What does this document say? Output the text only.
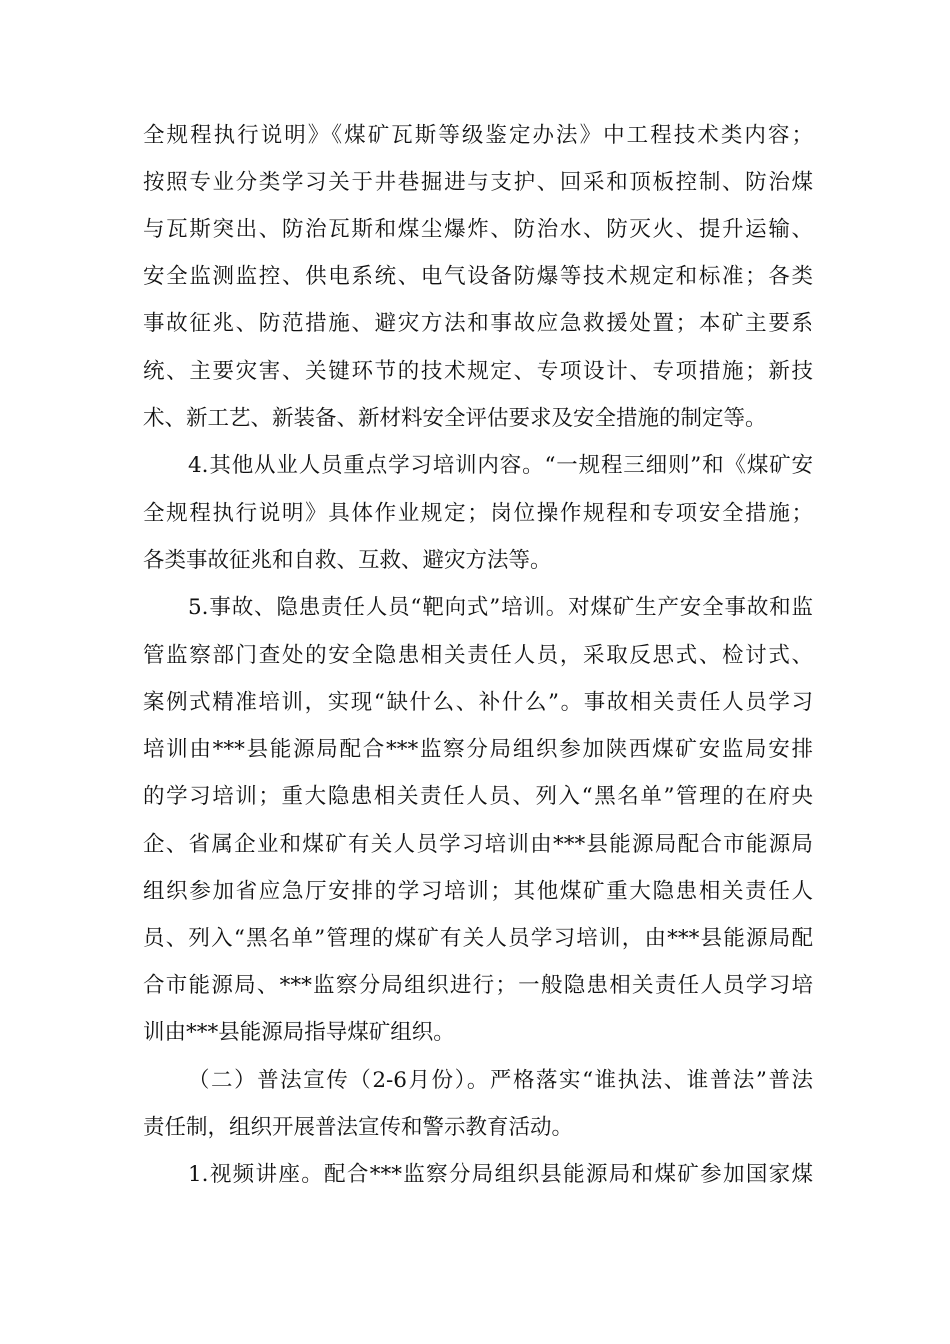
全规程执行说明》《煤矿瓦斯等级鉴定办法》中工程技术类内容；
按照专业分类学习关于井巷掘进与支护、回采和顶板控制、防治煤
与瓦斯突出、防治瓦斯和煤尘爆炸、防治水、防灭火、提升运输、
安全监测监控、供电系统、电气设备防爆等技术规定和标准；各类
事故征兆、防范措施、避灾方法和事故应急救援处置；本矿主要系
统、主要灾害、关键环节的技术规定、专项设计、专项措施；新技
术、新工艺、新装备、新材料安全评估要求及安全措施的制定等。
4.其他从业人员重点学习培训内容。“一规程三细则”和《煤矿安
全规程执行说明》具体作业规定；岗位操作规程和专项安全措施；
各类事故征兆和自救、互救、避灾方法等。
5.事故、隐患责任人员“靶向式”培训。对煤矿生产安全事故和监
管监察部门查处的安全隐患相关责任人员，采取反思式、检讨式、
案例式精准培训，实现“缺什么、补什么”。事故相关责任人员学习
培训由***县能源局配合***监察分局组织参加陕西煤矿安监局安排
的学习培训；重大隐患相关责任人员、列入“黑名单”管理的在府央
企、省属企业和煤矿有关人员学习培训由***县能源局配合市能源局
组织参加省应急厅安排的学习培训；其他煤矿重大隐患相关责任人
员、列入“黑名单”管理的煤矿有关人员学习培训，由***县能源局配
合市能源局、***监察分局组织进行；一般隐患相关责任人员学习培
训由***县能源局指导煤矿组织。
（二）普法宣传（2-6月份）。严格落实“谁执法、谁普法”普法
责任制，组织开展普法宣传和警示教育活动。
1.视频讲座。配合***监察分局组织县能源局和煤矿参加国家煤
